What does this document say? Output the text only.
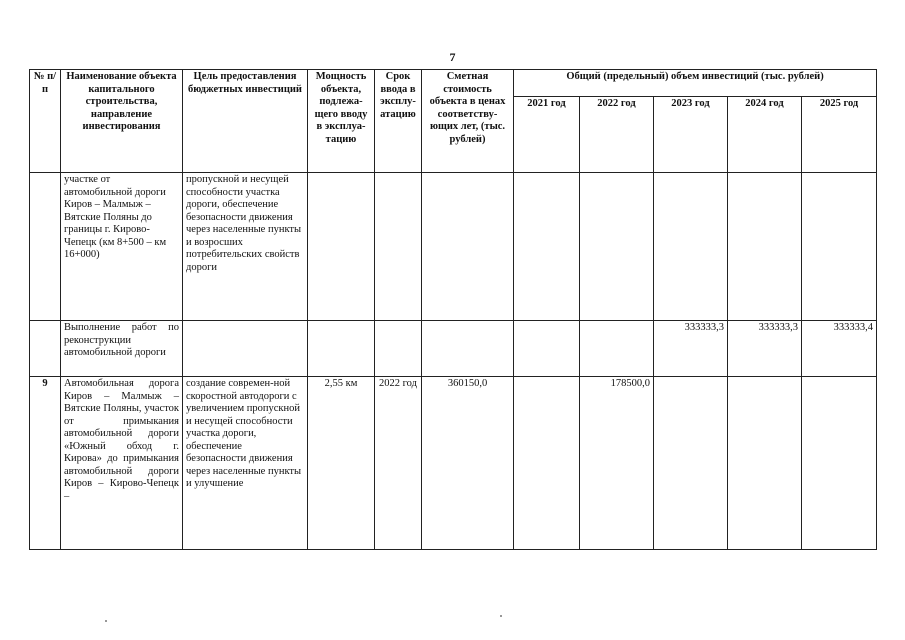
7
№ п/п	Наименование объекта капитального строительства, направление инвестирования	Цель предоставления бюджетных инвестиций	Мощность объекта, подлежа-щего вводу в эксплуа-тацию	Срок ввода в эксплу-атацию	Сметная стоимость объекта в ценах соответству-ющих лет, (тыс. рублей)	Общий (предельный) объем инвестиций (тыс. рублей)				
						2021 год	2022 год	2023 год	2024 год	2025 год
	участке от автомобильной дороги Киров – Малмыж – Вятские Поляны до границы г. Кирово-Чепецк (км 8+500 – км 16+000)	пропускной и несущей способности участка дороги, обеспечение безопасности движения через населенные пункты и возросших потребительских свойств дороги								
	Выполнение работ по реконструкции автомобильной дороги							333333,3	333333,3	333333,4
9	Автомобильная дорога Киров – Малмыж – Вятские Поляны, участок от примыкания автомобильной дороги «Южный обход г. Кирова» до примыкания автомобильной дороги Киров – Кирово-Чепецк –	создание современ-ной скоростной автодороги с увеличением пропускной и несущей способности участка дороги, обеспечение безопасности движения через населенные пункты и улучшение	2,55 км	2022 год	360150,0		178500,0			
